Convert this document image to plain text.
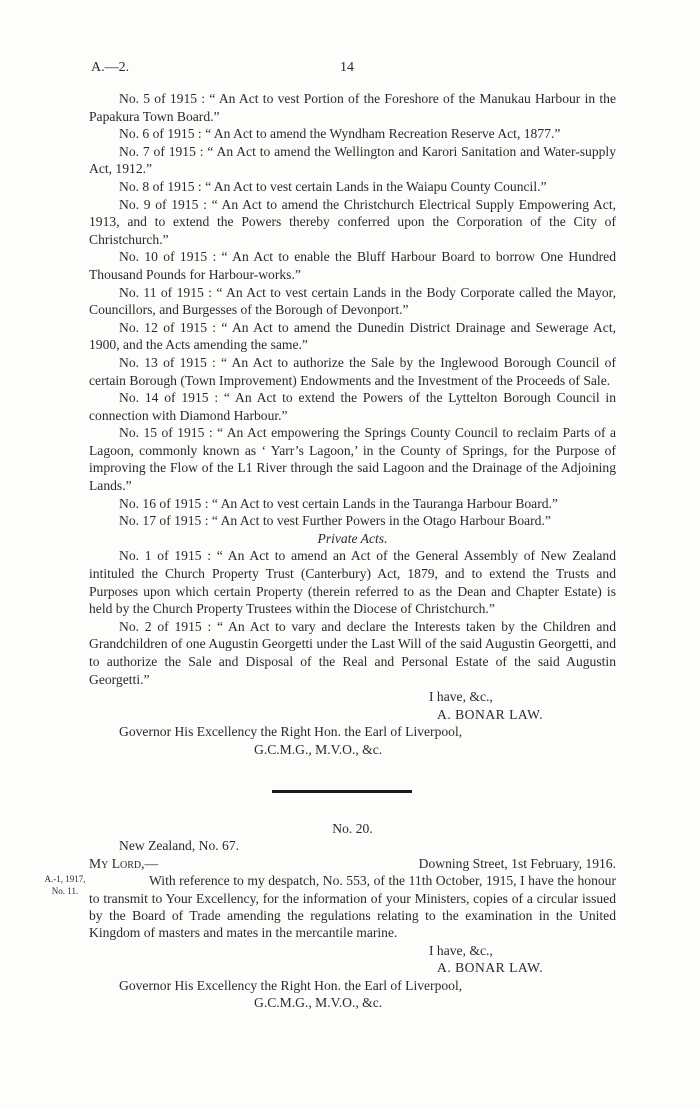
A.—2.	14

No. 5 of 1915 : “ An Act to vest Portion of the Foreshore of the Manukau Harbour in the Papakura Town Board.”

No. 6 of 1915 : “ An Act to amend the Wyndham Recreation Reserve Act, 1877.”

No. 7 of 1915 : “ An Act to amend the Wellington and Karori Sanitation and Water-supply Act, 1912.”

No. 8 of 1915 : “ An Act to vest certain Lands in the Waiapu County Council.”

No. 9 of 1915 : “ An Act to amend the Christchurch Electrical Supply Empowering Act, 1913, and to extend the Powers thereby conferred upon the Corporation of the City of Christchurch.”

No. 10 of 1915 : “ An Act to enable the Bluff Harbour Board to borrow One Hundred Thousand Pounds for Harbour-works.”

No. 11 of 1915 : “ An Act to vest certain Lands in the Body Corporate called the Mayor, Councillors, and Burgesses of the Borough of Devonport.”

No. 12 of 1915 : “ An Act to amend the Dunedin District Drainage and Sewerage Act, 1900, and the Acts amending the same.”

No. 13 of 1915 : “ An Act to authorize the Sale by the Inglewood Borough Council of certain Borough (Town Improvement) Endowments and the Investment of the Proceeds of Sale.

No. 14 of 1915 : “ An Act to extend the Powers of the Lyttelton Borough Council in connection with Diamond Harbour.”

No. 15 of 1915 : “ An Act empowering the Springs County Council to reclaim Parts of a Lagoon, commonly known as ‘ Yarr’s Lagoon,’ in the County of Springs, for the Purpose of improving the Flow of the L1 River through the said Lagoon and the Drainage of the Adjoining Lands.”

No. 16 of 1915 : “ An Act to vest certain Lands in the Tauranga Harbour Board.”

No. 17 of 1915 : “ An Act to vest Further Powers in the Otago Harbour Board.”

Private Acts.

No. 1 of 1915 : “ An Act to amend an Act of the General Assembly of New Zealand intituled the Church Property Trust (Canterbury) Act, 1879, and to extend the Trusts and Purposes upon which certain Property (therein referred to as the Dean and Chapter Estate) is held by the Church Property Trustees within the Diocese of Christchurch.”

No. 2 of 1915 : “ An Act to vary and declare the Interests taken by the Children and Grandchildren of one Augustin Georgetti under the Last Will of the said Augustin Georgetti, and to authorize the Sale and Disposal of the Real and Personal Estate of the said Augustin Georgetti.”

I have, &c.,

A. BONAR LAW.

Governor His Excellency the Right Hon. the Earl of Liverpool,

G.C.M.G., M.V.O., &c.

No. 20.

New Zealand, No. 67.

My Lord,—	Downing Street, 1st February, 1916.

With reference to my despatch, No. 553, of the 11th October, 1915, I have the honour to transmit to Your Excellency, for the information of your Ministers, copies of a circular issued by the Board of Trade amending the regulations relating to the examination in the United Kingdom of masters and mates in the mercantile marine.

I have, &c.,

A. BONAR LAW.

Governor His Excellency the Right Hon. the Earl of Liverpool,

G.C.M.G., M.V.O., &c.

A.-1, 1917,
No. 11.
